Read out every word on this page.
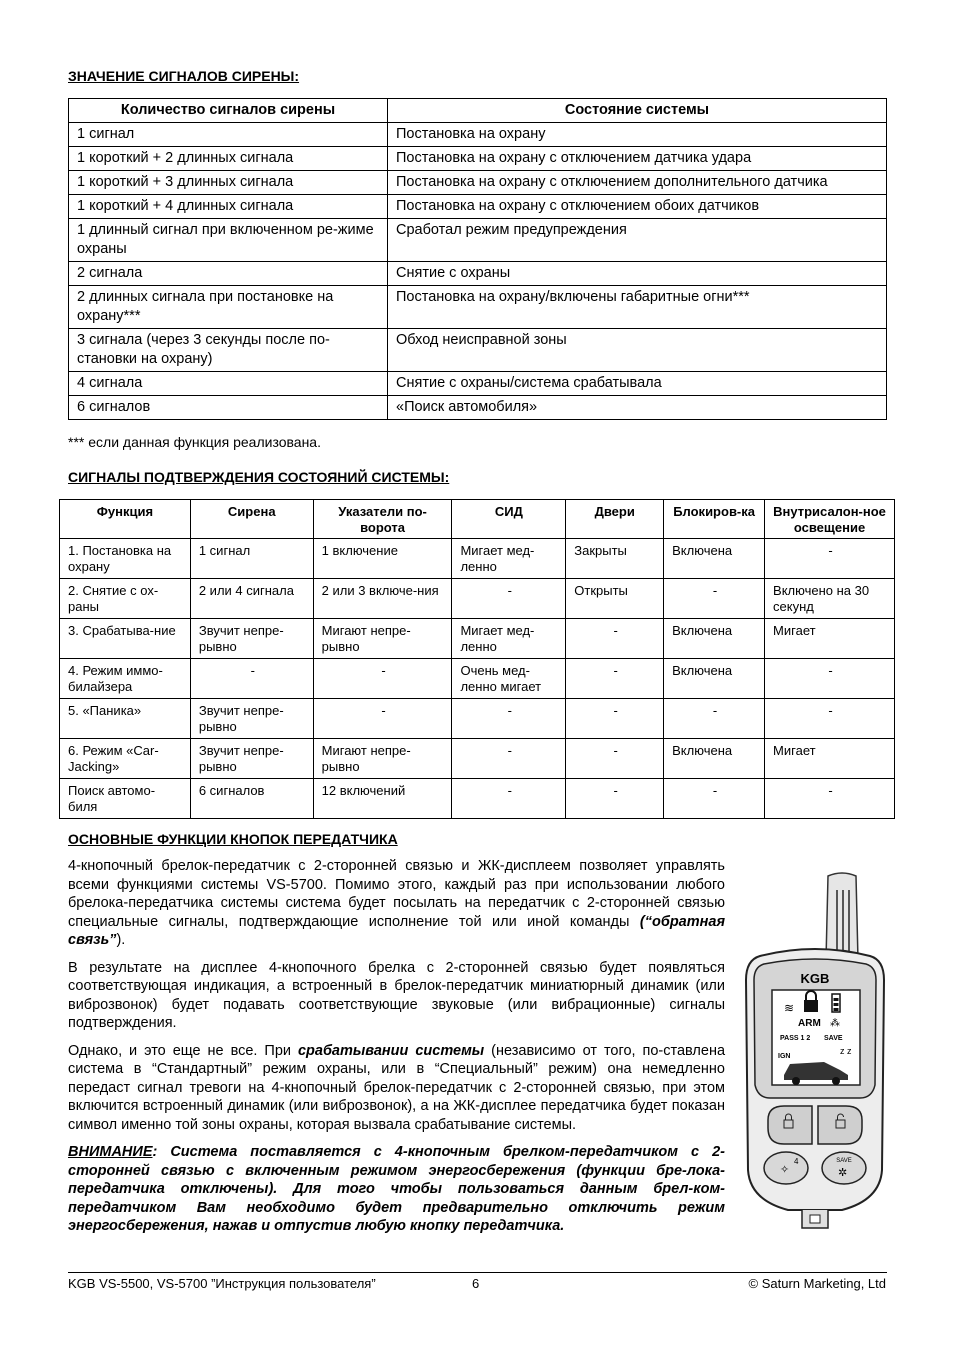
ЗНАЧЕНИЕ СИГНАЛОВ СИРЕНЫ:
Количество сигналов сирены	Состояние системы
1 сигнал	Постановка на охрану
1 короткий + 2 длинных сигнала	Постановка на охрану с отключением датчика удара
1 короткий + 3 длинных сигнала	Постановка на охрану с отключением дополнительного датчика
1 короткий + 4 длинных сигнала	Постановка на охрану с отключением обоих датчиков
1 длинный сигнал при включенном ре-жиме охраны	Сработал режим предупреждения
2 сигнала	Снятие с охраны
2 длинных сигнала при постановке на охрану***	Постановка на охрану/включены габаритные огни***
3 сигнала (через 3 секунды после по-становки на охрану)	Обход неисправной зоны
4 сигнала	Снятие с охраны/система срабатывала
6 сигналов	«Поиск автомобиля»
*** если данная функция реализована.
СИГНАЛЫ ПОДТВЕРЖДЕНИЯ СОСТОЯНИЙ СИСТЕМЫ:
Функция	Сирена	Указатели по-ворота	СИД	Двери	Блокиров-ка	Внутрисалон-ное освещение
1. Постановка на охрану	1 сигнал	1 включение	Мигает мед-ленно	Закрыты	Включена	-
2. Снятие с ох-раны	2 или 4 сигнала	2 или 3 включе-ния	-	Открыты	-	Включено на 30 секунд
3. Срабатыва-ние	Звучит непре-рывно	Мигают непре-рывно	Мигает мед-ленно	-	Включена	Мигает
4. Режим иммо-билайзера	-	-	Очень мед-ленно мигает	-	Включена	-
5. «Паника»	Звучит непре-рывно	-	-	-	-	-
6. Режим «Car-Jacking»	Звучит непре-рывно	Мигают непре-рывно	-	-	Включена	Мигает
Поиск автомо-биля	6 сигналов	12 включений	-	-	-	-
ОСНОВНЫЕ ФУНКЦИИ КНОПОК ПЕРЕДАТЧИКА

4-кнопочный брелок-передатчик с 2-сторонней связью и ЖК-дисплеем позволяет управлять всеми функциями системы VS-5700. Помимо этого, каждый раз при использовании любого брелока-передатчика системы система будет посылать на передатчик с 2-сторонней связью специальные сигналы, подтверждающие исполнение той или иной команды (“обратная связь”).

В результате на дисплее 4-кнопочного брелка с 2-сторонней связью будет появляться соответствующая индикация, а встроенный в брелок-передатчик миниатюрный динамик (или виброзвонок) будет подавать соответствующие звуковые (или вибрационные) сигналы подтверждения.

Однако, и это еще не все. При срабатывании системы (независимо от того, по-ставлена система в “Стандартный” режим охраны, или в “Специальный” режим) она немедленно передаст сигнал тревоги на 4-кнопочный брелок-передатчик с 2-сторонней связью, при этом включится встроенный динамик (или виброзвонок), а на ЖК-дисплее передатчика будет показан символ именно той зоны охраны, которая вызвала срабатывание системы.

ВНИМАНИЕ: Система поставляется с 4-кнопочным брелком-передатчиком с 2-сторонней связью с включенным режимом энергосбережения (функции бре-лока-передатчика отключены). Для того чтобы пользоваться данным брел-ком-передатчиком Вам необходимо будет предварительно отключить режим энергосбережения, нажав и отпустив любую кнопку передатчика.

KGB
≋
ARM ⁂
PASS 1 2 SAVE
IGN
z z
4
✧
SAVE
✲
KGB VS-5500, VS-5700 ”Инструкция пользователя”	6	© Saturn Marketing, Ltd
